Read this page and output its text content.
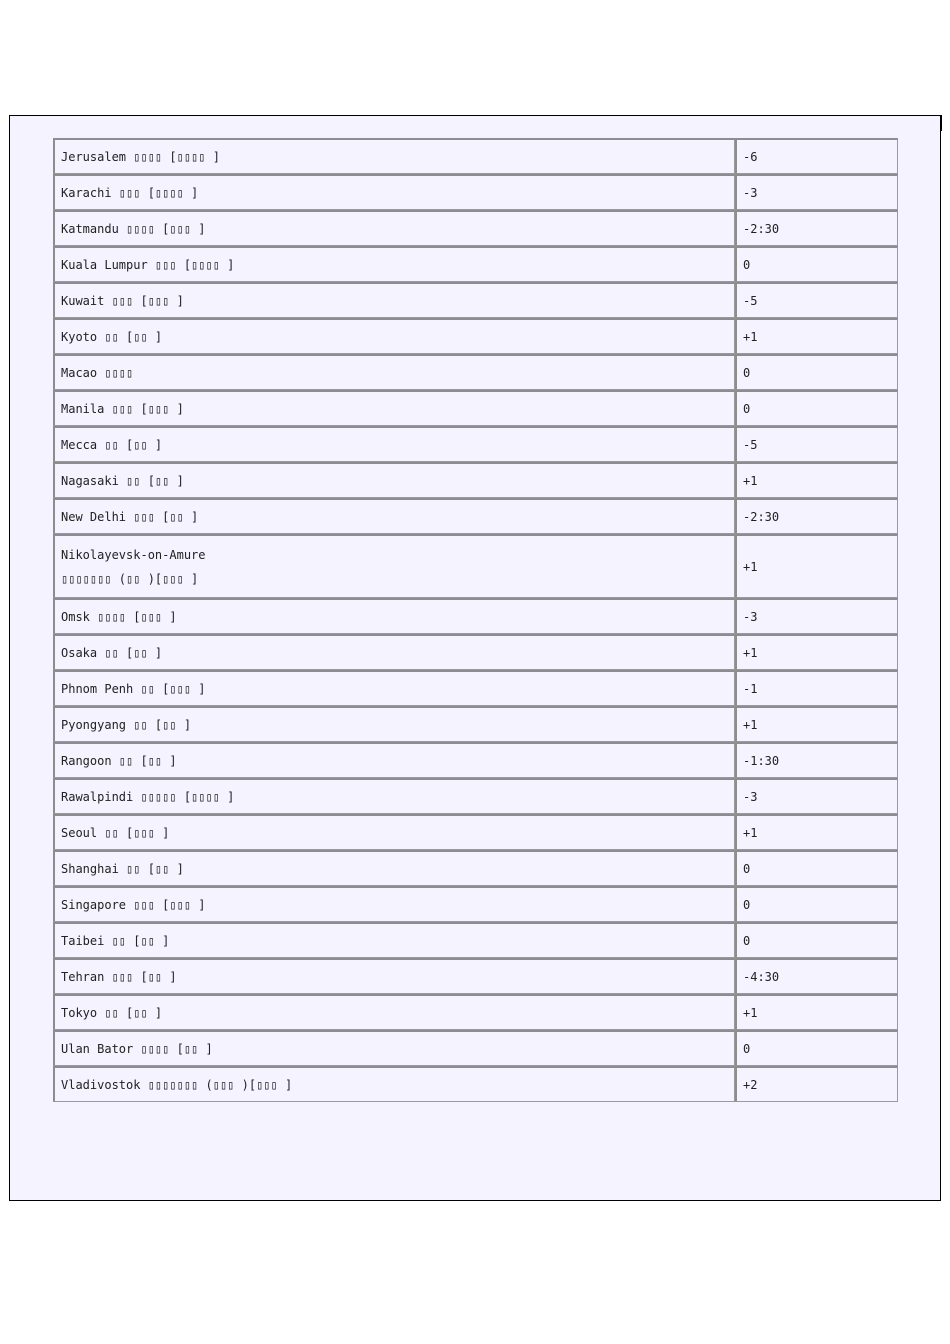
Jerusalem ▯▯▯▯ [▯▯▯▯ ]	-6

Karachi ▯▯▯ [▯▯▯▯ ]	-3

Katmandu ▯▯▯▯ [▯▯▯ ]	-2:30

Kuala Lumpur ▯▯▯ [▯▯▯▯ ]	0

Kuwait ▯▯▯ [▯▯▯ ]	-5

Kyoto ▯▯ [▯▯ ]	+1

Macao ▯▯▯▯	0

Manila ▯▯▯ [▯▯▯ ]	0

Mecca ▯▯ [▯▯ ]	-5

Nagasaki ▯▯ [▯▯ ]	+1

New Delhi ▯▯▯ [▯▯ ]	-2:30

Nikolayevsk-on-Amure
▯▯▯▯▯▯▯ (▯▯ )[▯▯▯ ]	+1

Omsk ▯▯▯▯ [▯▯▯ ]	-3

Osaka ▯▯ [▯▯ ]	+1

Phnom Penh ▯▯ [▯▯▯ ]	-1

Pyongyang ▯▯ [▯▯ ]	+1

Rangoon ▯▯ [▯▯ ]	-1:30

Rawalpindi ▯▯▯▯▯ [▯▯▯▯ ]	-3

Seoul ▯▯ [▯▯▯ ]	+1

Shanghai ▯▯ [▯▯ ]	0

Singapore ▯▯▯ [▯▯▯ ]	0

Taibei ▯▯ [▯▯ ]	0

Tehran ▯▯▯ [▯▯ ]	-4:30

Tokyo ▯▯ [▯▯ ]	+1

Ulan Bator ▯▯▯▯ [▯▯ ]	0

Vladivostok ▯▯▯▯▯▯▯ (▯▯▯ )[▯▯▯ ]	+2
